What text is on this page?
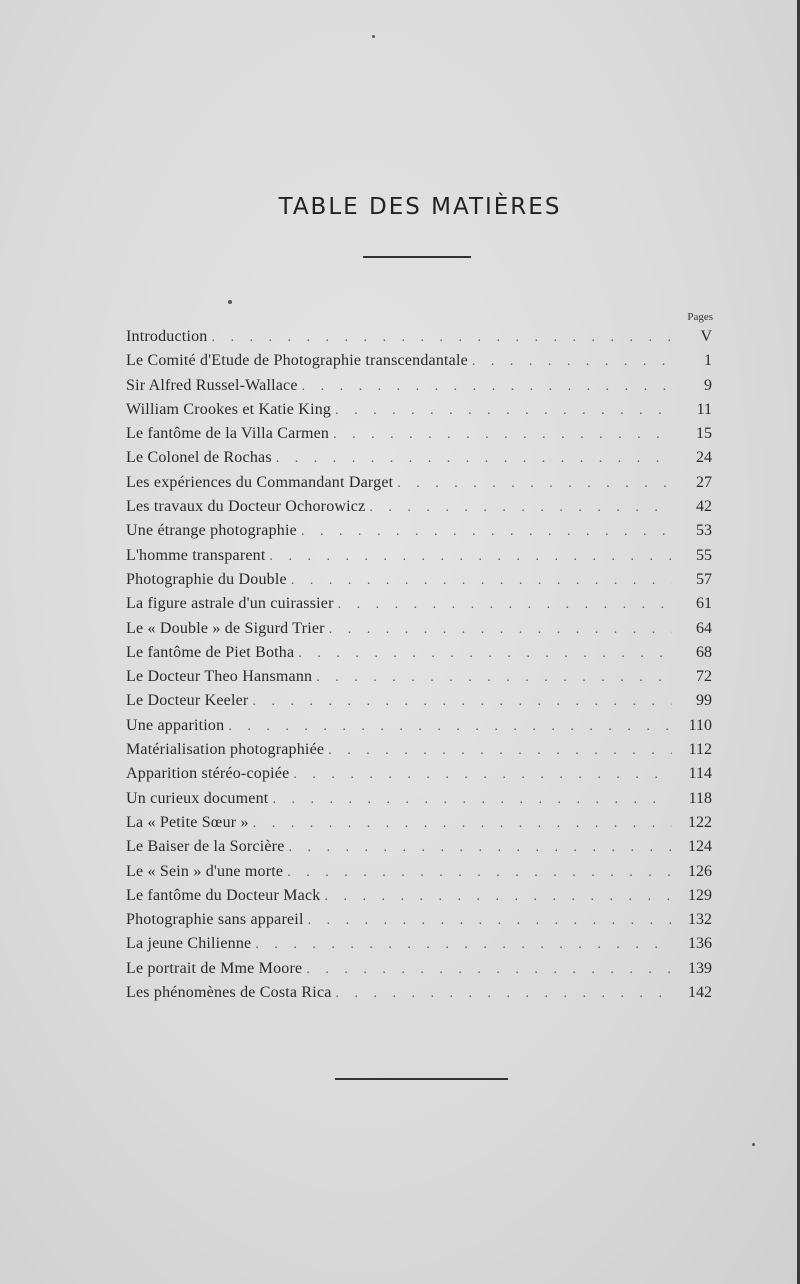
TABLE DES MATIÈRES
Pages
Introduction . . .	V
Le Comité d'Etude de Photographie transcendantale . . .	1
Sir Alfred Russel-Wallace . . .	9
William Crookes et Katie King . . .	11
Le fantôme de la Villa Carmen . . .	15
Le Colonel de Rochas . . .	24
Les expériences du Commandant Darget . . .	27
Les travaux du Docteur Ochorowicz . . .	42
Une étrange photographie . . .	53
L'homme transparent . . .	55
Photographie du Double . . .	57
La figure astrale d'un cuirassier . . .	61
Le « Double » de Sigurd Trier . . .	64
Le fantôme de Piet Botha . . .	68
Le Docteur Theo Hansmann . . .	72
Le Docteur Keeler . . .	99
Une apparition . . .	110
Matérialisation photographiée . . .	112
Apparition stéréo-copiée . . .	114
Un curieux document . . .	118
La « Petite Sœur » . . .	122
Le Baiser de la Sorcière . . .	124
Le « Sein » d'une morte . . .	126
Le fantôme du Docteur Mack . . .	129
Photographie sans appareil . . .	132
La jeune Chilienne . . .	136
Le portrait de Mme Moore . . .	139
Les phénomènes de Costa Rica . . .	142
